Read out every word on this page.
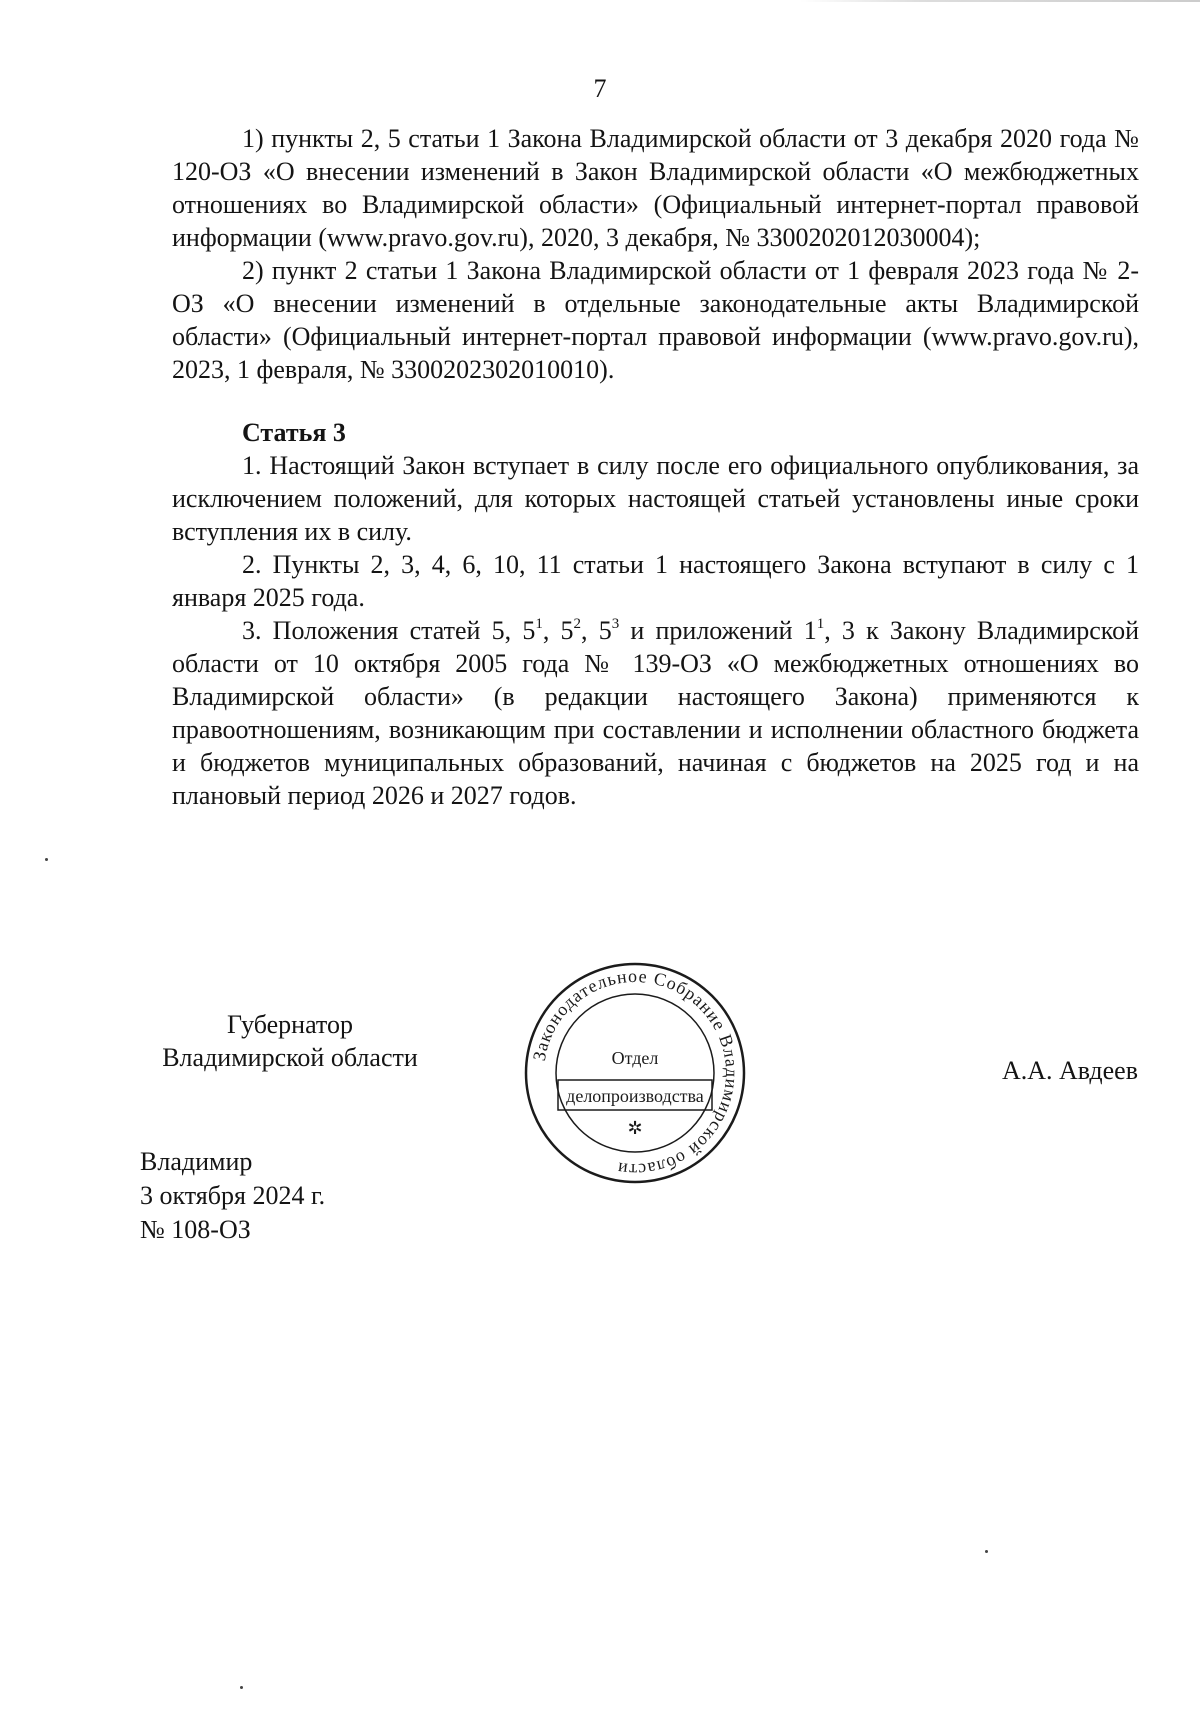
7

1) пункты 2, 5 статьи 1 Закона Владимирской области от 3 декабря 2020 года № 120-ОЗ «О внесении изменений в Закон Владимирской области «О межбюджетных отношениях во Владимирской области» (Официальный интернет-портал правовой информации (www.pravo.gov.ru), 2020, 3 декабря, № 3300202012030004);

2) пункт 2 статьи 1 Закона Владимирской области от 1 февраля 2023 года № 2-ОЗ «О внесении изменений в отдельные законодательные акты Владимирской области» (Официальный интернет-портал правовой информации (www.pravo.gov.ru), 2023, 1 февраля, № 3300202302010010).

Статья 3

1. Настоящий Закон вступает в силу после его официального опубликования, за исключением положений, для которых настоящей статьей установлены иные сроки вступления их в силу.

2. Пункты 2, 3, 4, 6, 10, 11 статьи 1 настоящего Закона вступают в силу с 1 января 2025 года.

3. Положения статей 5, $5^1$, $5^2$, $5^3$ и приложений $1^1$, 3 к Закону Владимирской области от 10 октября 2005 года № 139-ОЗ «О межбюджетных отношениях во Владимирской области» (в редакции настоящего Закона) применяются к правоотношениям, возникающим при составлении и исполнении областного бюджета и бюджетов муниципальных образований, начиная с бюджетов на 2025 год и на плановый период 2026 и 2027 годов.

Губернатор
Владимирской области	Законодательное Собрание Владимирской области
✲
Отдел
делопроизводства
А.А. Авдеев
Владимир
3 октября 2024 г.
№ 108-ОЗ
